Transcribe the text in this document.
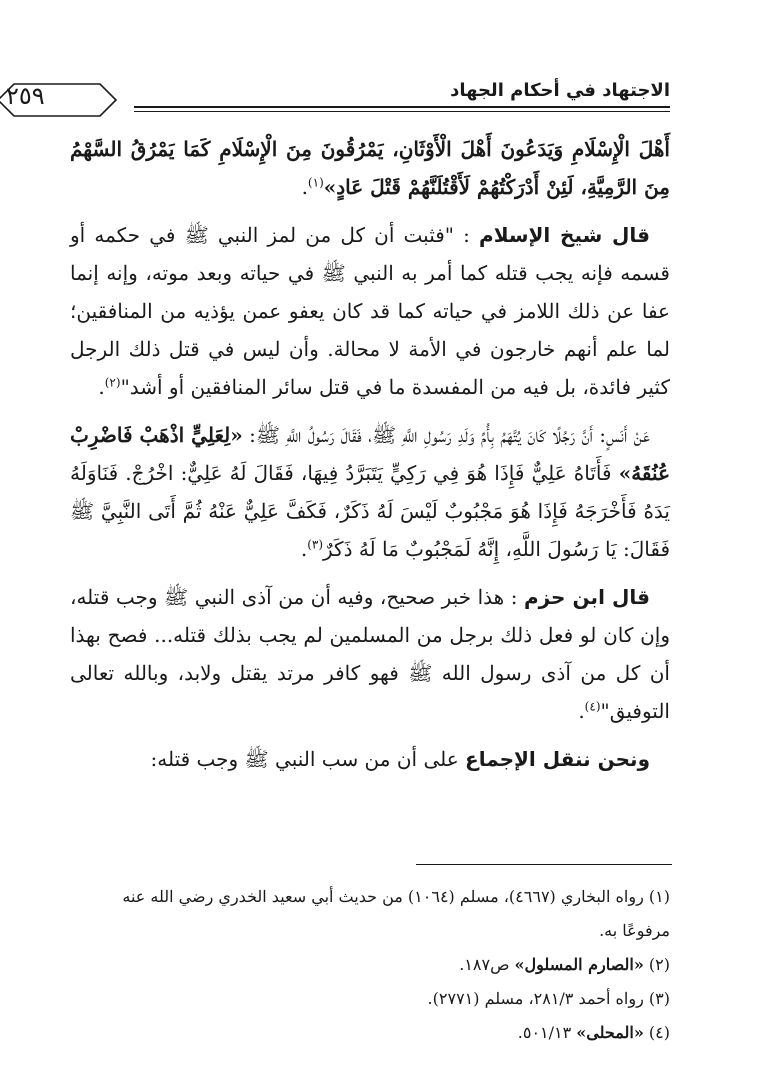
٢٥٩	الاجتهاد في أحكام الجهاد

أَهْلَ الْإِسْلَامِ وَيَدَعُونَ أَهْلَ الْأَوْثَانِ، يَمْرُقُونَ مِنَ الْإِسْلَامِ كَمَا يَمْرُقُ السَّهْمُ مِنَ الرَّمِيَّةِ، لَئِنْ أَدْرَكْتُهُمْ لَأَقْتُلَنَّهُمْ قَتْلَ عَادٍ»$^{(١)}$.

قال شيخ الإسلام : "فثبت أن كل من لمز النبي ﷺ في حكمه أو قسمه فإنه يجب قتله كما أمر به النبي ﷺ في حياته وبعد موته، وإنه إنما عفا عن ذلك اللامز في حياته كما قد كان يعفو عمن يؤذيه من المنافقين؛ لما علم أنهم خارجون في الأمة لا محالة. وأن ليس في قتل ذلك الرجل كثير فائدة، بل فيه من المفسدة ما في قتل سائر المنافقين أو أشد"$^{(٢)}$.

عَنْ أَنَسٍ: أَنَّ رَجُلًا كَانَ يُتَّهَمُ بِأُمِّ وَلَدِ رَسُولِ اللَّهِ ﷺ، فَقَالَ رَسُولُ اللَّهِ ﷺ: «لِعَلِيٍّ اذْهَبْ فَاضْرِبْ عُنُقَهُ» فَأَتَاهُ عَلِيٌّ فَإِذَا هُوَ فِي رَكِيٍّ يَتَبَرَّدُ فِيهَا، فَقَالَ لَهُ عَلِيٌّ: اخْرُجْ. فَنَاوَلَهُ يَدَهُ فَأَخْرَجَهُ فَإِذَا هُوَ مَجْبُوبٌ لَيْسَ لَهُ ذَكَرٌ، فَكَفَّ عَلِيٌّ عَنْهُ ثُمَّ أَتَى النَّبِيَّ ﷺ فَقَالَ: يَا رَسُولَ اللَّهِ، إِنَّهُ لَمَجْبُوبٌ مَا لَهُ ذَكَرٌ$^{(٣)}$.

قال ابن حزم : هذا خبر صحيح، وفيه أن من آذى النبي ﷺ وجب قتله، وإن كان لو فعل ذلك برجل من المسلمين لم يجب بذلك قتله... فصح بهذا أن كل من آذى رسول الله ﷺ فهو كافر مرتد يقتل ولابد، وبالله تعالى التوفيق"$^{(٤)}$.

ونحن ننقل الإجماع على أن من سب النبي ﷺ وجب قتله:

(١) رواه البخاري (٤٦٦٧)، مسلم (١٠٦٤) من حديث أبي سعيد الخدري رضي الله عنه مرفوعًا به.

(٢) «الصارم المسلول» ص١٨٧.

(٣) رواه أحمد ٢٨١/٣، مسلم (٢٧٧١).

(٤) «المحلى» ٥٠١/١٣.
